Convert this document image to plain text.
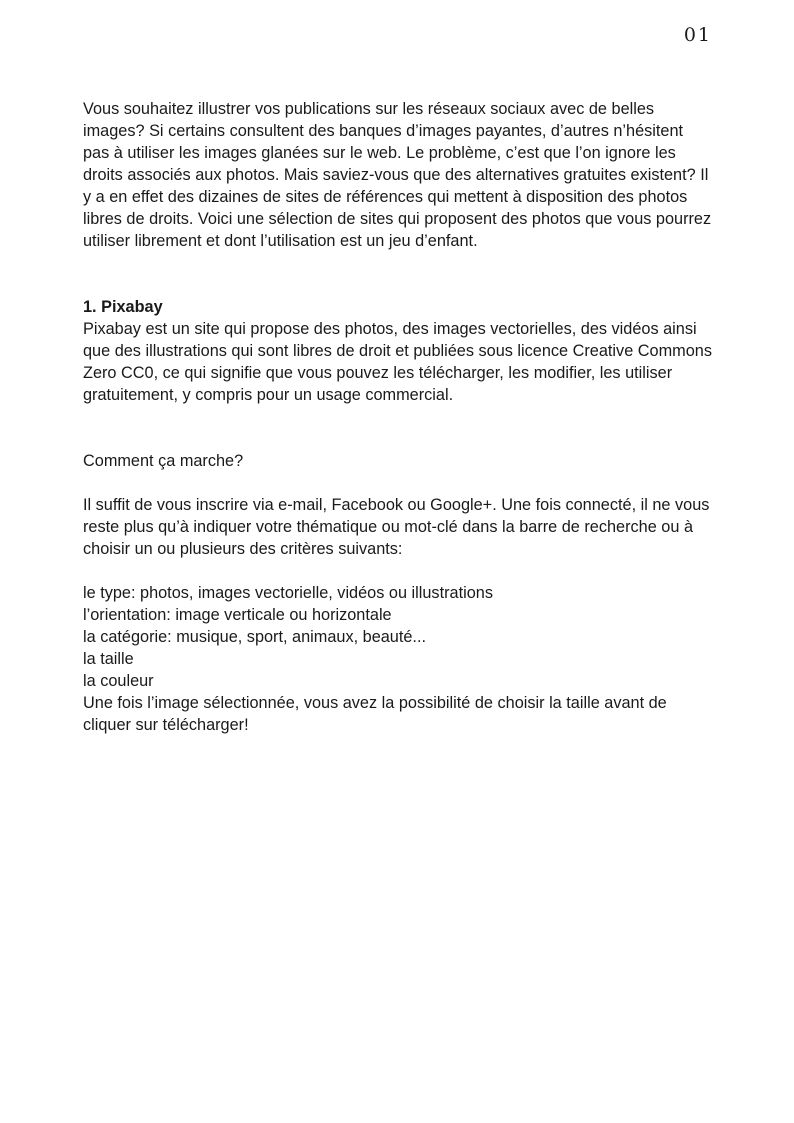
01

Vous souhaitez illustrer vos publications sur les réseaux sociaux avec de belles images? Si certains consultent des banques d’images payantes, d’autres n’hésitent pas à utiliser les images glanées sur le web. Le problème, c’est que l’on ignore les droits associés aux photos. Mais saviez-vous que des alternatives gratuites existent? Il y a en effet des dizaines de sites de références qui mettent à disposition des photos libres de droits. Voici une sélection de sites qui proposent des photos que vous pourrez utiliser librement et dont l’utilisation est un jeu d’enfant.

1. Pixabay

Pixabay est un site qui propose des photos, des images vectorielles, des vidéos ainsi que des illustrations qui sont libres de droit et publiées sous licence Creative Commons Zero CC0, ce qui signifie que vous pouvez les télécharger, les modifier, les utiliser gratuitement, y compris pour un usage commercial.

Comment ça marche?

Il suffit de vous inscrire via e-mail, Facebook ou Google+. Une fois connecté, il ne vous reste plus qu’à indiquer votre thématique ou mot-clé dans la barre de recherche ou à choisir un ou plusieurs des critères suivants:

le type: photos, images vectorielle, vidéos ou illustrations
l’orientation: image verticale ou horizontale
la catégorie: musique, sport, animaux, beauté...
la taille
la couleur

Une fois l’image sélectionnée, vous avez la possibilité de choisir la taille avant de cliquer sur télécharger!
